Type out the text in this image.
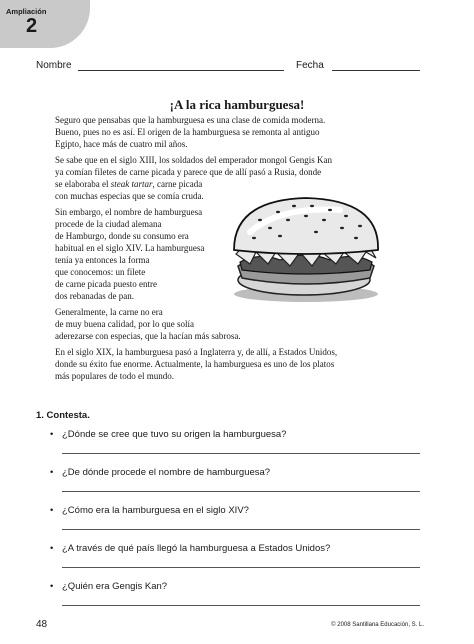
Ampliación
2
Nombre	Fecha
¡A la rica hamburguesa!

Seguro que pensabas que la hamburguesa es una clase de comida moderna.
Bueno, pues no es así. El origen de la hamburguesa se remonta al antiguo
Egipto, hace más de cuatro mil años.

Se sabe que en el siglo XIII, los soldados del emperador mongol Gengis Kan
ya comían filetes de carne picada y parece que de allí pasó a Rusia, donde
se elaboraba el steak tartar, carne picada
con muchas especias que se comía cruda.

Sin embargo, el nombre de hamburguesa
procede de la ciudad alemana
de Hamburgo, donde su consumo era
habitual en el siglo XIV. La hamburguesa
tenía ya entonces la forma
que conocemos: un filete
de carne picada puesto entre
dos rebanadas de pan.

Generalmente, la carne no era
de muy buena calidad, por lo que solía
aderezarse con especias, que la hacían más sabrosa.

En el siglo XIX, la hamburguesa pasó a Inglaterra y, de allí, a Estados Unidos,
donde su éxito fue enorme. Actualmente, la hamburguesa es uno de los platos
más populares de todo el mundo.

1. Contesta.
• ¿Dónde se cree que tuvo su origen la hamburguesa?
• ¿De dónde procede el nombre de hamburguesa?
• ¿Cómo era la hamburguesa en el siglo XIV?
• ¿A través de qué país llegó la hamburguesa a Estados Unidos?
• ¿Quién era Gengis Kan?
48	© 2008 Santillana Educación, S. L.
